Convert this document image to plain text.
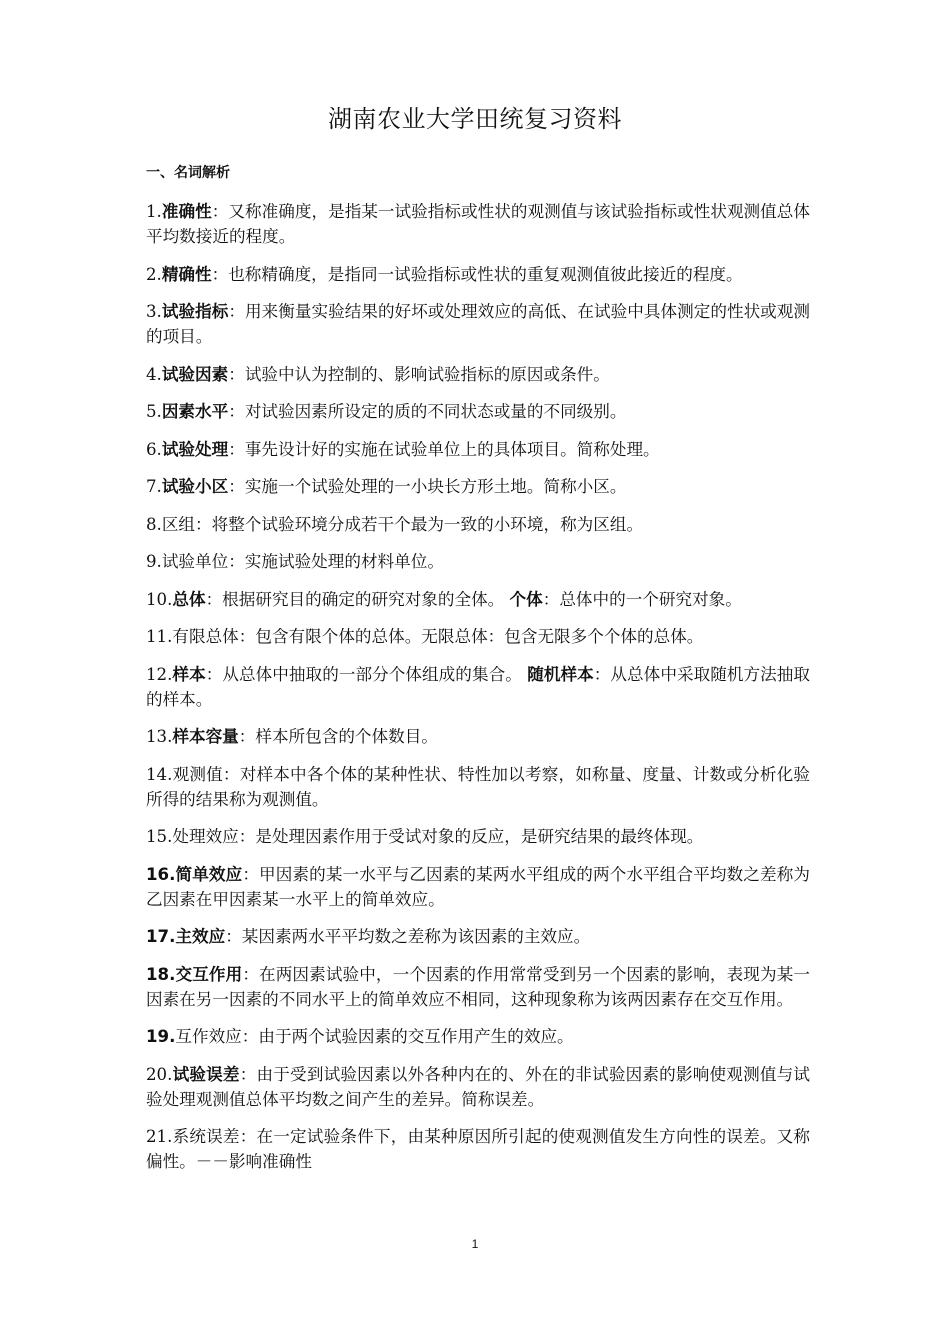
湖南农业大学田统复习资料
一、名词解析
1.准确性：又称准确度，是指某一试验指标或性状的观测值与该试验指标或性状观测值总体平均数接近的程度。
2.精确性：也称精确度，是指同一试验指标或性状的重复观测值彼此接近的程度。
3.试验指标：用来衡量实验结果的好坏或处理效应的高低、在试验中具体测定的性状或观测的项目。
4.试验因素：试验中认为控制的、影响试验指标的原因或条件。
5.因素水平：对试验因素所设定的质的不同状态或量的不同级别。
6.试验处理：事先设计好的实施在试验单位上的具体项目。简称处理。
7.试验小区：实施一个试验处理的一小块长方形土地。简称小区。
8.区组：将整个试验环境分成若干个最为一致的小环境，称为区组。
9.试验单位：实施试验处理的材料单位。
10.总体：根据研究目的确定的研究对象的全体。 个体：总体中的一个研究对象。
11.有限总体：包含有限个体的总体。无限总体：包含无限多个个体的总体。
12.样本：从总体中抽取的一部分个体组成的集合。 随机样本：从总体中采取随机方法抽取的样本。
13.样本容量：样本所包含的个体数目。
14.观测值：对样本中各个体的某种性状、特性加以考察，如称量、度量、计数或分析化验所得的结果称为观测值。
15.处理效应：是处理因素作用于受试对象的反应，是研究结果的最终体现。
16.简单效应：甲因素的某一水平与乙因素的某两水平组成的两个水平组合平均数之差称为乙因素在甲因素某一水平上的简单效应。
17.主效应：某因素两水平平均数之差称为该因素的主效应。
18.交互作用：在两因素试验中，一个因素的作用常常受到另一个因素的影响，表现为某一因素在另一因素的不同水平上的简单效应不相同，这种现象称为该两因素存在交互作用。
19.互作效应：由于两个试验因素的交互作用产生的效应。
20.试验误差：由于受到试验因素以外各种内在的、外在的非试验因素的影响使观测值与试验处理观测值总体平均数之间产生的差异。简称误差。
21.系统误差：在一定试验条件下，由某种原因所引起的使观测值发生方向性的误差。又称偏性。－－影响准确性
1
